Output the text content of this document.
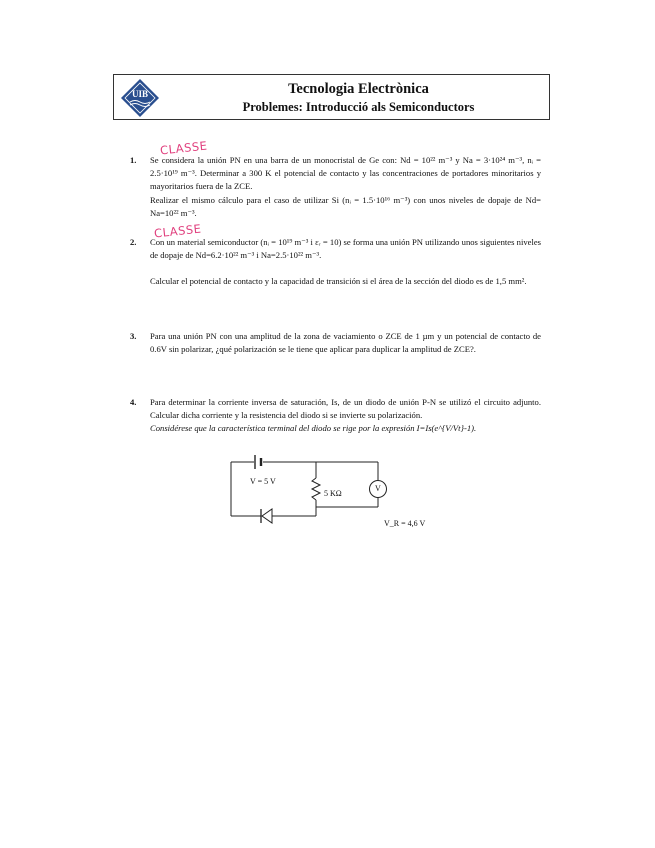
UIB	Tecnologia Electrònica
Problemes: Introducció als Semiconductors
CLASSE
CLASSE
1. Se considera la unión PN en una barra de un monocristal de Ge con: Nd = 10²² m⁻³ y Na = 3·10²⁴ m⁻³, nᵢ = 2.5·10¹⁹ m⁻³. Determinar a 300 K el potencial de contacto y las concentraciones de portadores minoritarios y mayoritarios fuera de la ZCE.

Realizar el mismo cálculo para el caso de utilizar Si (nᵢ = 1.5·10¹⁶ m⁻³) con unos niveles de dopaje de Nd= Na=10²² m⁻³.

2. Con un material semiconductor (nᵢ = 10¹⁹ m⁻³ i εᵣ = 10) se forma una unión PN utilizando unos siguientes niveles de dopaje de Nd=6.2·10²² m⁻³ i Na=2.5·10²² m⁻³.

Calcular el potencial de contacto y la capacidad de transición si el área de la sección del diodo es de 1,5 mm².

3. Para una unión PN con una amplitud de la zona de vaciamiento o ZCE de 1 µm y un potencial de contacto de 0.6V sin polarizar, ¿qué polarización se le tiene que aplicar para duplicar la amplitud de ZCE?.

4. Para determinar la corriente inversa de saturación, Is, de un diodo de unión P-N se utilizó el circuito adjunto. Calcular dicha corriente y la resistencia del diodo si se invierte su polarización.

Considérese que la característica terminal del diodo se rige por la expresión I=Is(e^{V/Vt}-1).

V = 5 V
5 KΩ
V
V_R = 4,6 V
